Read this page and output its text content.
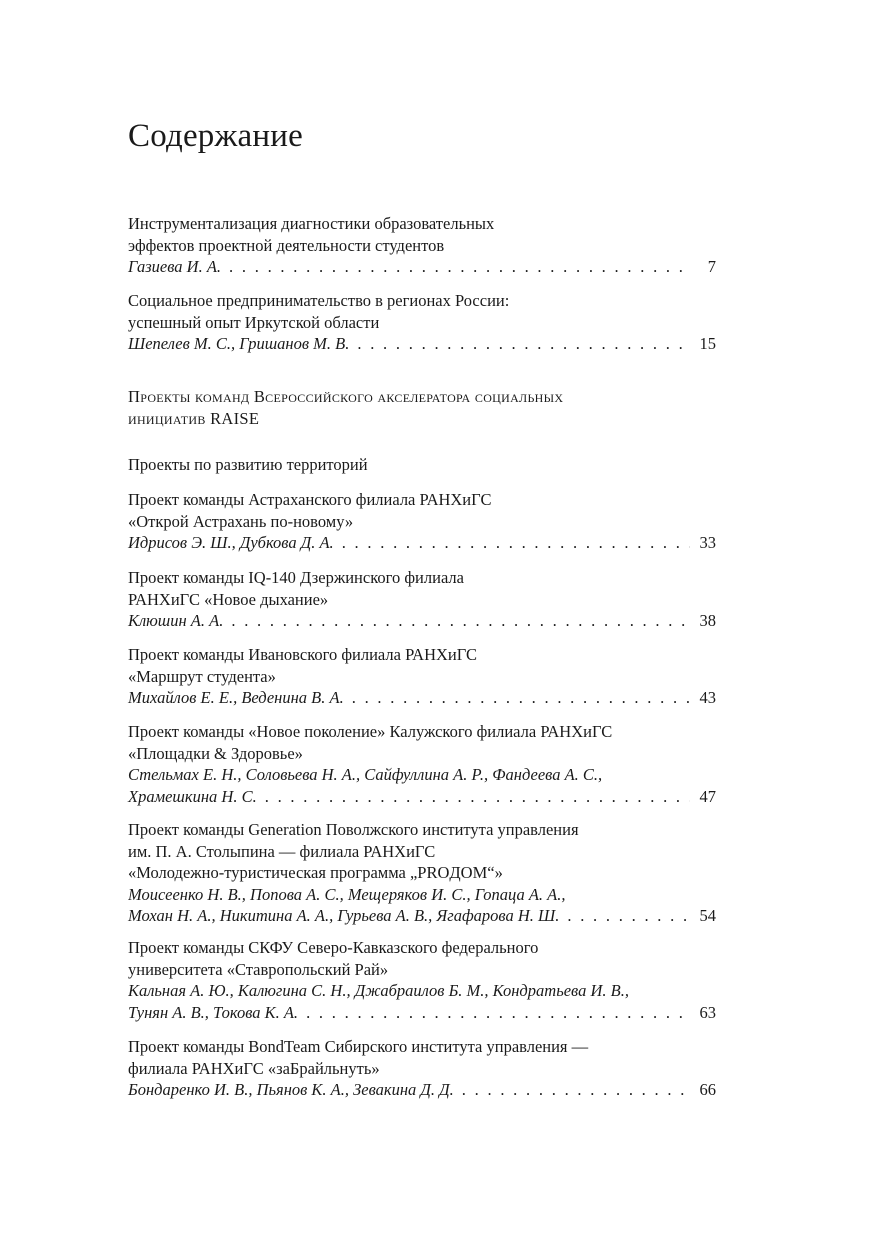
Содержание
Инструментализация диагностики образовательных
эффектов проектной деятельности студентов
Газиева И. А. . . .	7
Социальное предпринимательство в регионах России:
успешный опыт Иркутской области
Шепелев М. С., Гришанов М. В. . . .	15
Проекты команд Всероссийского акселератора социальных
инициатив RAISE
Проекты по развитию территорий
Проект команды Астраханского филиала РАНХиГС
«Открой Астрахань по-новому»
Идрисов Э. Ш., Дубкова Д. А. . . .	33
Проект команды IQ-140 Дзержинского филиала
РАНХиГС «Новое дыхание»
Клюшин А. А. . . .	38
Проект команды Ивановского филиала РАНХиГС
«Маршрут студента»
Михайлов Е. Е., Веденина В. А. . . .	43
Проект команды «Новое поколение» Калужского филиала РАНХиГС
«Площадки & Здоровье»
Стельмах Е. Н., Соловьева Н. А., Сайфуллина А. Р., Фандеева А. С.,
Храмешкина Н. С. . . .	47
Проект команды Generation Поволжского института управления
им. П. А. Столыпина — филиала РАНХиГС
«Молодежно-туристическая программа „PROДОМ“»
Моисеенко Н. В., Попова А. С., Мещеряков И. С., Гопаца А. А.,
Мохан Н. А., Никитина А. А., Гурьева А. В., Ягафарова Н. Ш. . . .	54
Проект команды СКФУ Северо-Кавказского федерального
университета «Ставропольский Рай»
Кальная А. Ю., Калюгина С. Н., Джабраилов Б. М., Кондратьева И. В.,
Тунян А. В., Токова К. А. . . .	63
Проект команды BondTeam Сибирского института управления —
филиала РАНХиГС «заБрайльнуть»
Бондаренко И. В., Пьянов К. А., Зевакина Д. Д. . . .	66
